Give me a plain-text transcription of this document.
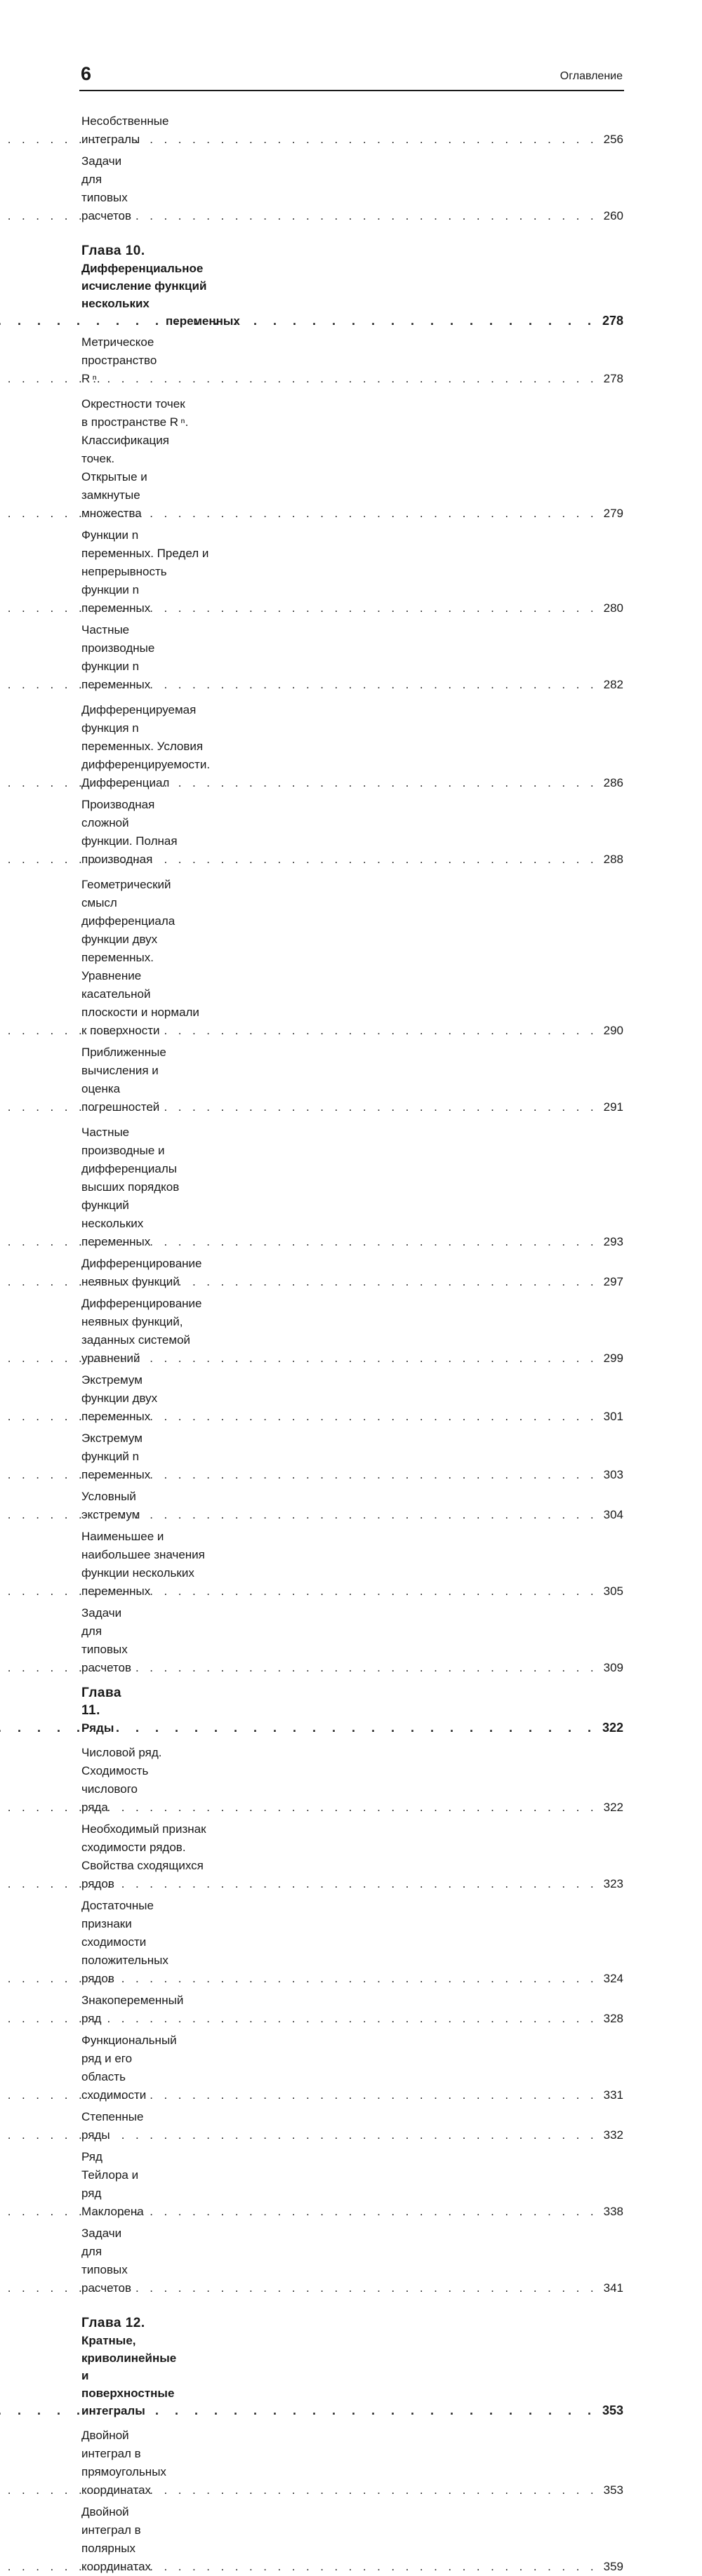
6	Оглавление
Несобственные интегралы . . .	256
Задачи для типовых расчетов . . .	260
Глава 10. Дифференциальное исчисление функций нескольких
переменных . . .	278
Метрическое пространство R ⁿ. . . .	278
Окрестности точек в пространстве R ⁿ. Классификация точек.
Открытые и замкнутые множества . . .	279
Функции n переменных. Предел и непрерывность функции n переменных . . .	280
Частные производные функции n переменных . . .	282
Дифференцируемая функция n переменных. Условия
дифференцируемости. Дифференциал . . .	286
Производная сложной функции. Полная производная . . .	288
Геометрический смысл дифференциала функции двух переменных.
Уравнение касательной плоскости и нормали к поверхности . . .	290
Приближенные вычисления и оценка погрешностей . . .	291
Частные производные и дифференциалы высших порядков функций
нескольких переменных . . .	293
Дифференцирование неявных функций . . .	297
Дифференцирование неявных функций, заданных системой уравнений . . .	299
Экстремум функции двух переменных . . .	301
Экстремум функций n переменных . . .	303
Условный экстремум . . .	304
Наименьшее и наибольшее значения функции нескольких переменных . . .	305
Задачи для типовых расчетов . . .	309
Глава 11. Ряды . . .	322
Числовой ряд. Сходимость числового ряда . . .	322
Необходимый признак сходимости рядов. Свойства сходящихся рядов . . .	323
Достаточные признаки сходимости положительных рядов . . .	324
Знакопеременный ряд . . .	328
Функциональный ряд и его область сходимости . . .	331
Степенные ряды . . .	332
Ряд Тейлора и ряд Маклорена . . .	338
Задачи для типовых расчетов . . .	341
Глава 12. Кратные, криволинейные и поверхностные интегралы . . .	353
Двойной интеграл в прямоугольных координатах . . .	353
Двойной интеграл в полярных координатах . . .	359
